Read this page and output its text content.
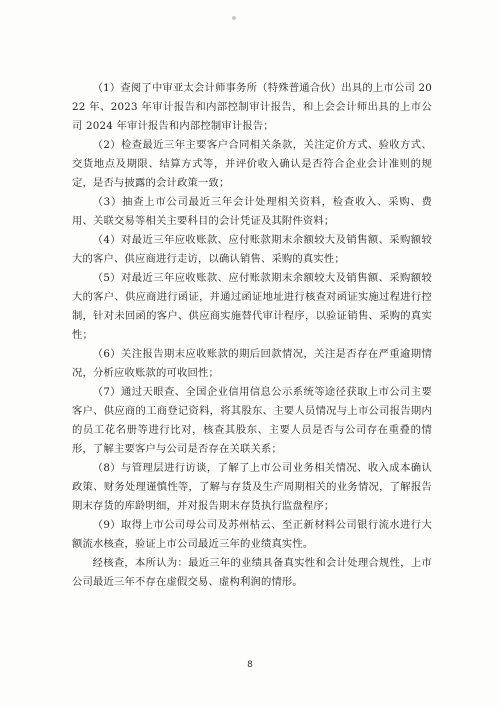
（1）查阅了中审亚太会计师事务所（特殊普通合伙）出具的上市公司 2022 年、2023 年审计报告和内部控制审计报告，和上会会计师出具的上市公司 2024 年审计报告和内部控制审计报告；

（2）检查最近三年主要客户合同相关条款，关注定价方式、验收方式、交货地点及期限、结算方式等，并评价收入确认是否符合企业会计准则的规定，是否与披露的会计政策一致；

（3）抽查上市公司最近三年会计处理相关资料，检查收入、采购、费用、关联交易等相关主要科目的会计凭证及其附件资料；

（4）对最近三年应收账款、应付账款期末余额较大及销售额、采购额较大的客户、供应商进行走访，以确认销售、采购的真实性；

（5）对最近三年应收账款、应付账款期末余额较大及销售额、采购额较大的客户、供应商进行函证，并通过函证地址进行核查对函证实施过程进行控制，针对未回函的客户、供应商实施替代审计程序，以验证销售、采购的真实性；

（6）关注报告期末应收账款的期后回款情况，关注是否存在严重逾期情况，分析应收账款的可收回性；

（7）通过天眼查、全国企业信用信息公示系统等途径获取上市公司主要客户、供应商的工商登记资料，将其股东、主要人员情况与上市公司报告期内的员工花名册等进行比对，核查其股东、主要人员是否与公司存在重叠的情形，了解主要客户与公司是否存在关联关系；

（8）与管理层进行访谈，了解了上市公司业务相关情况、收入成本确认政策、财务处理谨慎性等，了解与存货及生产周期相关的业务情况，了解报告期末存货的库龄明细，并对报告期末存货执行监盘程序；

（9）取得上市公司母公司及苏州枯云、至正新材料公司银行流水进行大额流水核查，验证上市公司最近三年的业绩真实性。

经核查，本所认为：最近三年的业绩具备真实性和会计处理合规性，上市公司最近三年不存在虚假交易、虚构利润的情形。

8
